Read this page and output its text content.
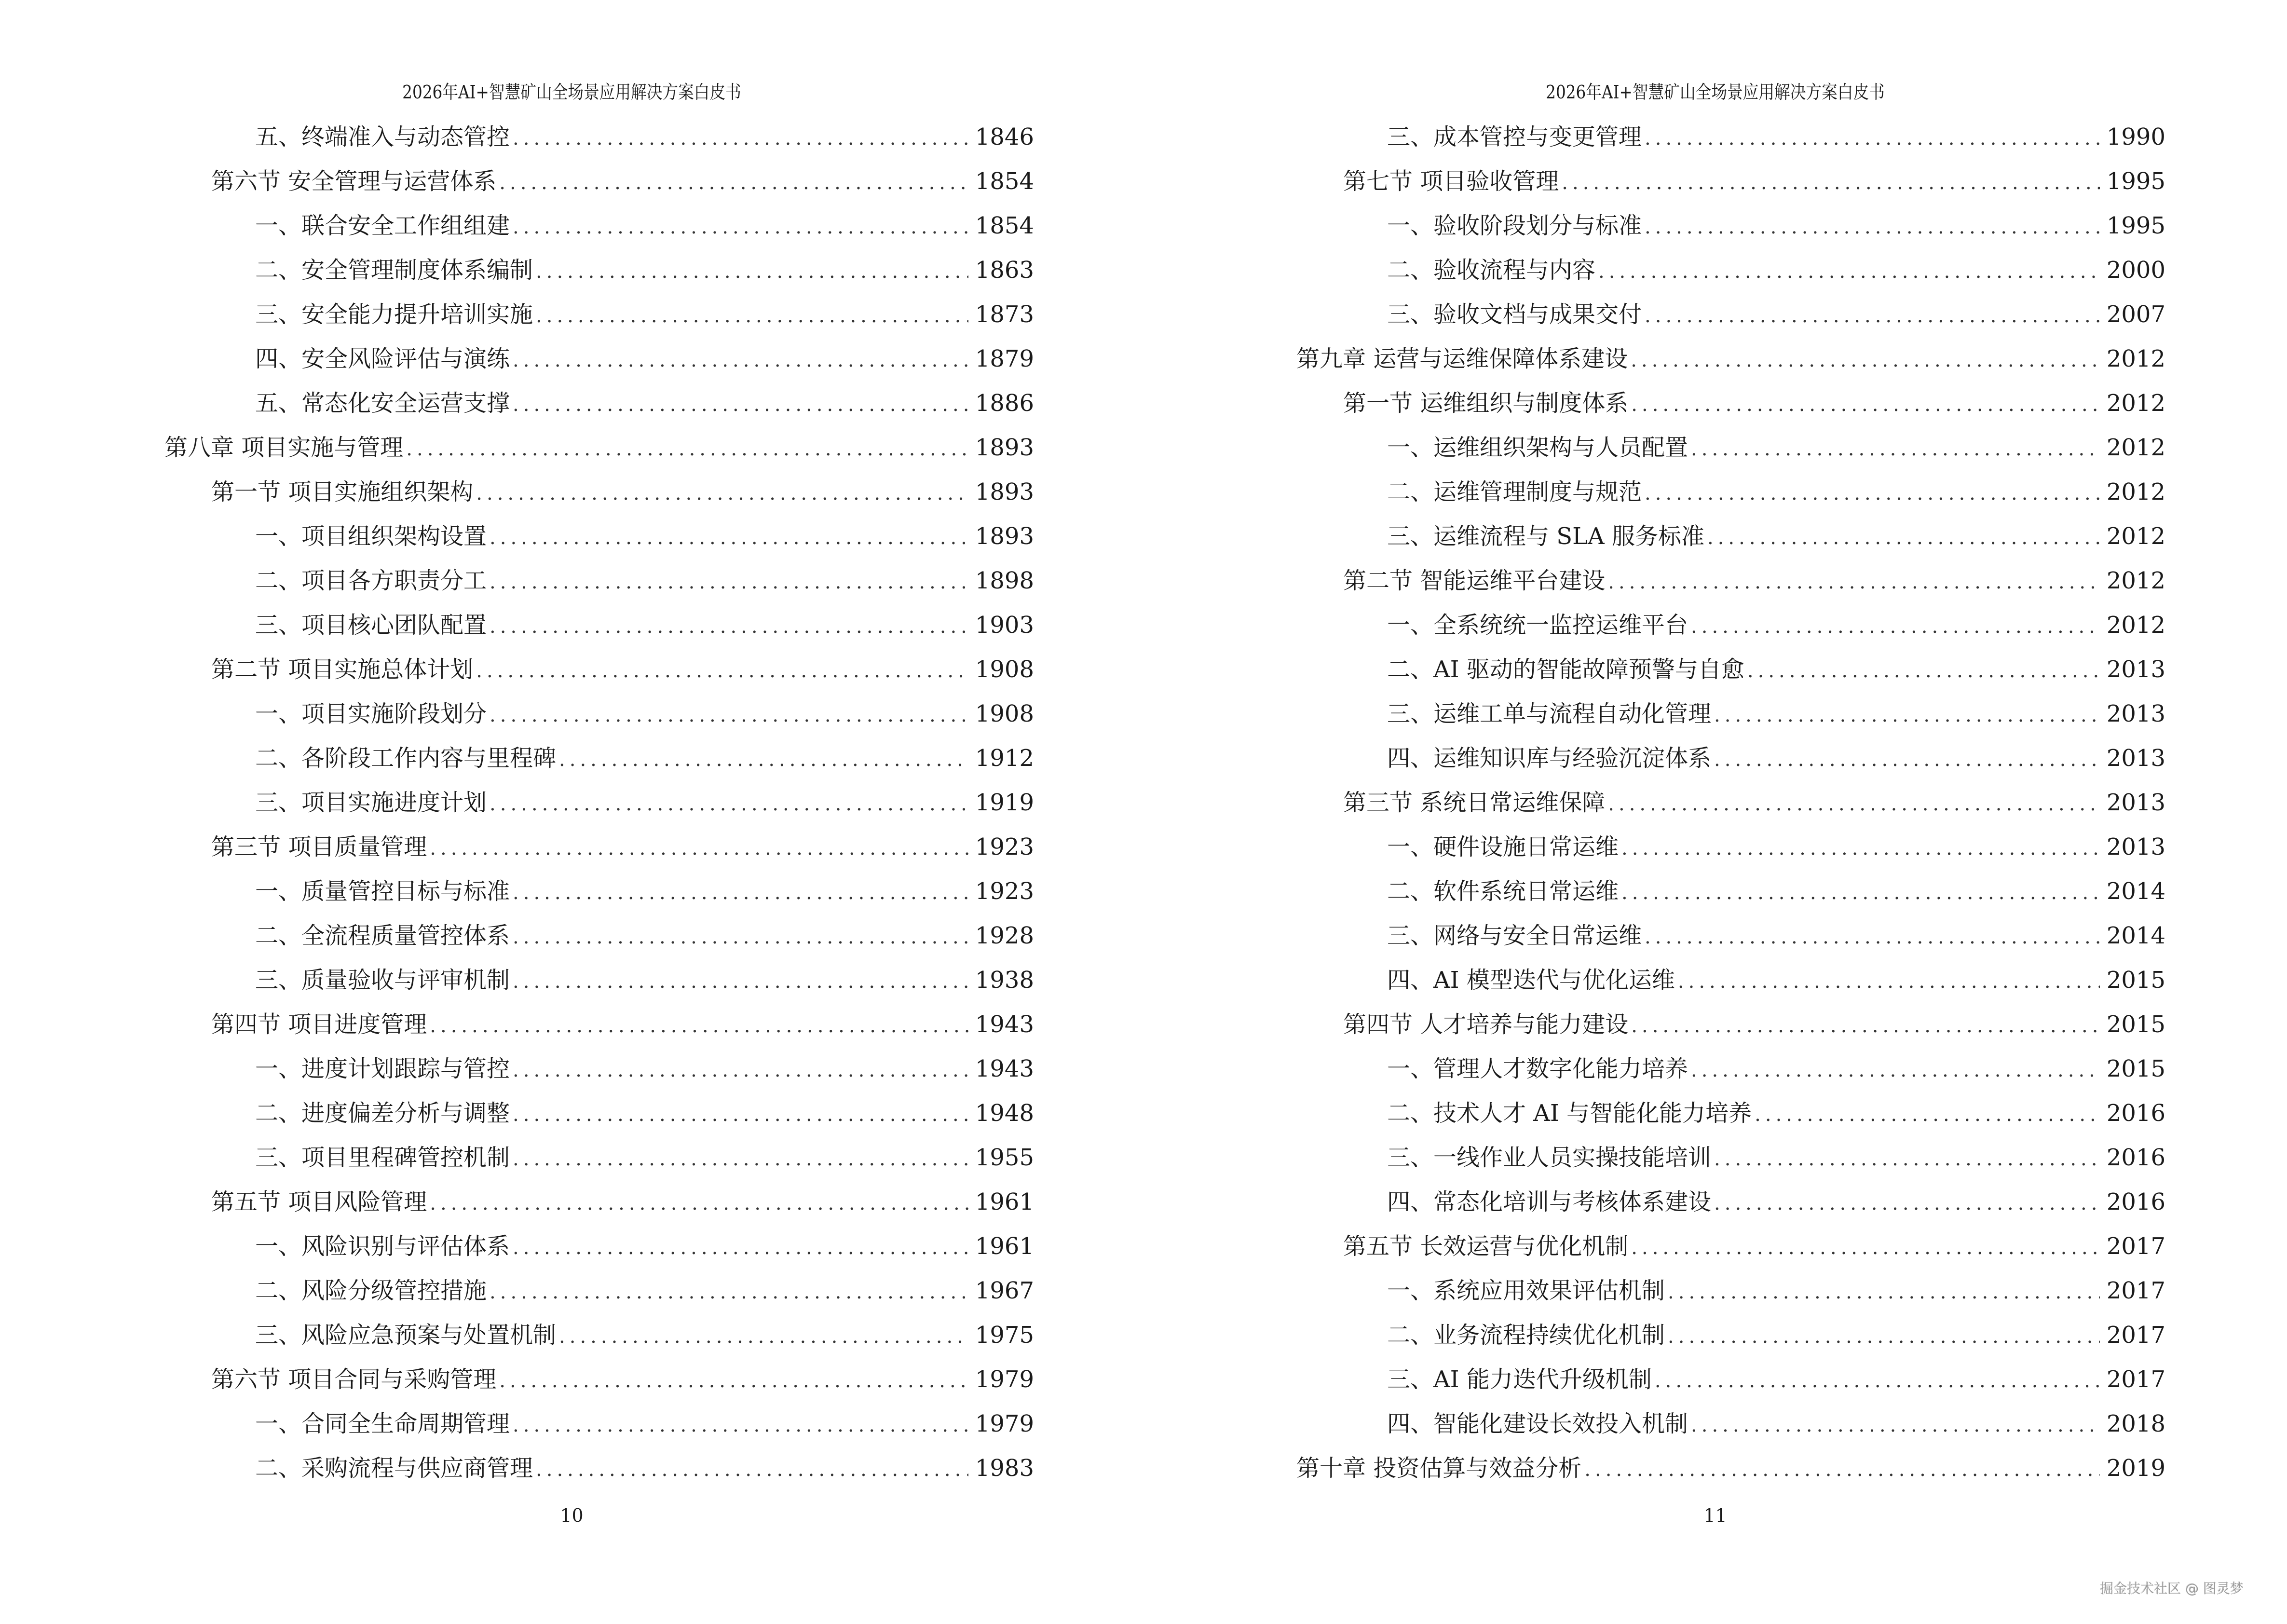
2026年AI+智慧矿山全场景应用解决方案白皮书
五、终端准入与动态管控 .....	1846
第六节 安全管理与运营体系 .....	1854
一、联合安全工作组组建 .....	1854
二、安全管理制度体系编制 .....	1863
三、安全能力提升培训实施 .....	1873
四、安全风险评估与演练 .....	1879
五、常态化安全运营支撑 .....	1886
第八章 项目实施与管理 .....	1893
第一节 项目实施组织架构 .....	1893
一、项目组织架构设置 .....	1893
二、项目各方职责分工 .....	1898
三、项目核心团队配置 .....	1903
第二节 项目实施总体计划 .....	1908
一、项目实施阶段划分 .....	1908
二、各阶段工作内容与里程碑 .....	1912
三、项目实施进度计划 .....	1919
第三节 项目质量管理 .....	1923
一、质量管控目标与标准 .....	1923
二、全流程质量管控体系 .....	1928
三、质量验收与评审机制 .....	1938
第四节 项目进度管理 .....	1943
一、进度计划跟踪与管控 .....	1943
二、进度偏差分析与调整 .....	1948
三、项目里程碑管控机制 .....	1955
第五节 项目风险管理 .....	1961
一、风险识别与评估体系 .....	1961
二、风险分级管控措施 .....	1967
三、风险应急预案与处置机制 .....	1975
第六节 项目合同与采购管理 .....	1979
一、合同全生命周期管理 .....	1979
二、采购流程与供应商管理 .....	1983
10
2026年AI+智慧矿山全场景应用解决方案白皮书
三、成本管控与变更管理 .....	1990
第七节 项目验收管理 .....	1995
一、验收阶段划分与标准 .....	1995
二、验收流程与内容 .....	2000
三、验收文档与成果交付 .....	2007
第九章 运营与运维保障体系建设 .....	2012
第一节 运维组织与制度体系 .....	2012
一、运维组织架构与人员配置 .....	2012
二、运维管理制度与规范 .....	2012
三、运维流程与 SLA 服务标准 .....	2012
第二节 智能运维平台建设 .....	2012
一、全系统统一监控运维平台 .....	2012
二、AI 驱动的智能故障预警与自愈 .....	2013
三、运维工单与流程自动化管理 .....	2013
四、运维知识库与经验沉淀体系 .....	2013
第三节 系统日常运维保障 .....	2013
一、硬件设施日常运维 .....	2013
二、软件系统日常运维 .....	2014
三、网络与安全日常运维 .....	2014
四、AI 模型迭代与优化运维 .....	2015
第四节 人才培养与能力建设 .....	2015
一、管理人才数字化能力培养 .....	2015
二、技术人才 AI 与智能化能力培养 .....	2016
三、一线作业人员实操技能培训 .....	2016
四、常态化培训与考核体系建设 .....	2016
第五节 长效运营与优化机制 .....	2017
一、系统应用效果评估机制 .....	2017
二、业务流程持续优化机制 .....	2017
三、AI 能力迭代升级机制 .....	2017
四、智能化建设长效投入机制 .....	2018
第十章 投资估算与效益分析 .....	2019
11
掘金技术社区 @ 图灵梦
